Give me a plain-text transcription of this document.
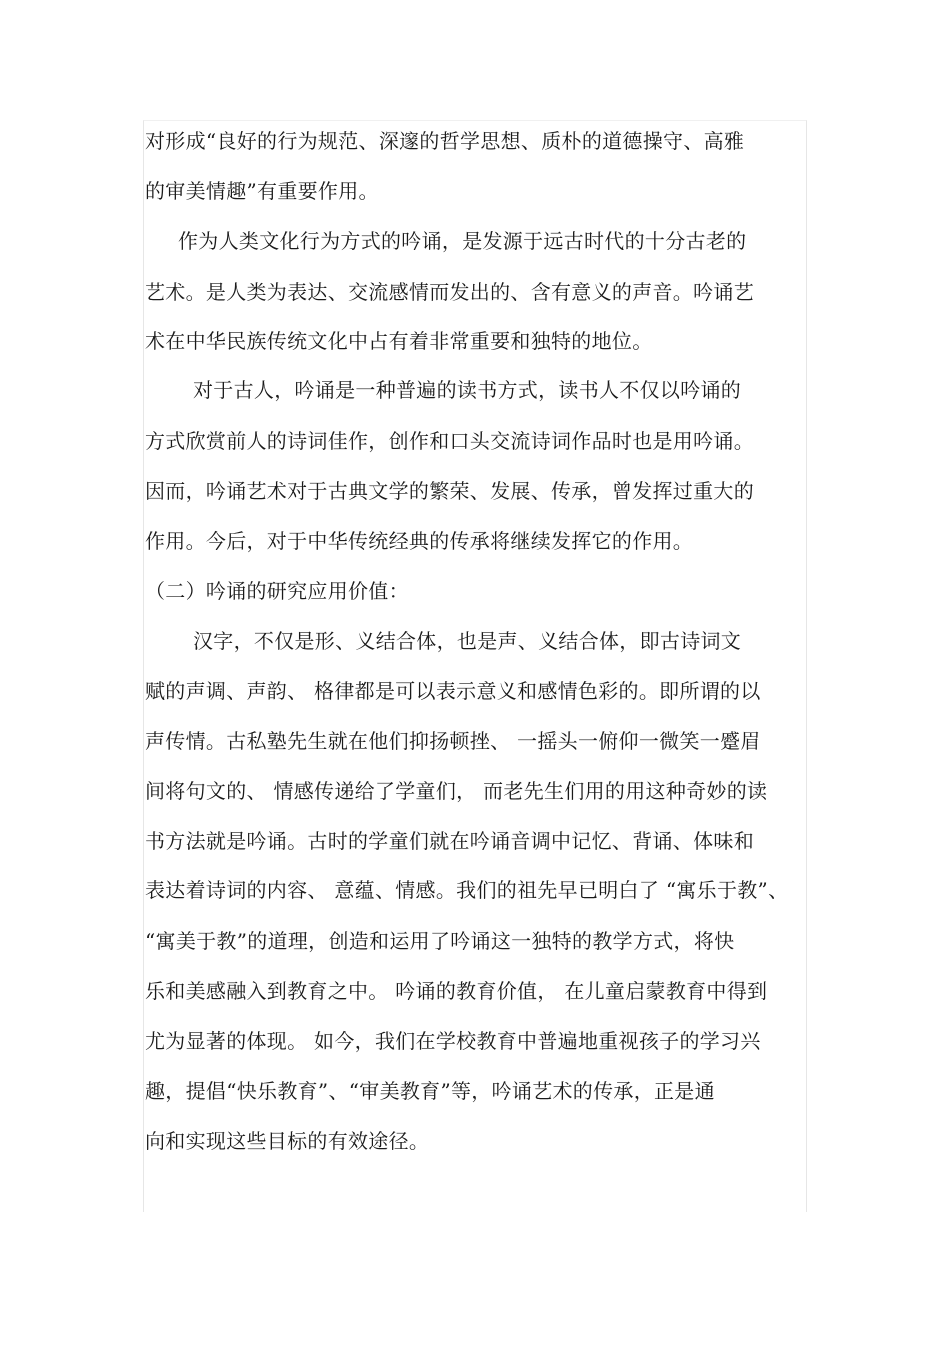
对形成“良好的行为规范、深邃的哲学思想、质朴的道德操守、高雅
的审美情趣”有重要作用。
作为人类文化行为方式的吟诵，是发源于远古时代的十分古老的
艺术。是人类为表达、交流感情而发出的、含有意义的声音。吟诵艺
术在中华民族传统文化中占有着非常重要和独特的地位。
对于古人，吟诵是一种普遍的读书方式，读书人不仅以吟诵的
方式欣赏前人的诗词佳作，创作和口头交流诗词作品时也是用吟诵。
因而，吟诵艺术对于古典文学的繁荣、发展、传承，曾发挥过重大的
作用。今后，对于中华传统经典的传承将继续发挥它的作用。
（二）吟诵的研究应用价值：
汉字，不仅是形、义结合体，也是声、义结合体，即古诗词文
赋的声调、声韵、 格律都是可以表示意义和感情色彩的。即所谓的以
声传情。古私塾先生就在他们抑扬顿挫、 一摇头一俯仰一微笑一蹙眉
间将句文的、 情感传递给了学童们， 而老先生们用的用这种奇妙的读
书方法就是吟诵。古时的学童们就在吟诵音调中记忆、背诵、体味和
表达着诗词的内容、 意蕴、情感。我们的祖先早已明白了 “寓乐于教”、
“寓美于教”的道理，创造和运用了吟诵这一独特的教学方式，将快
乐和美感融入到教育之中。 吟诵的教育价值， 在儿童启蒙教育中得到
尤为显著的体现。 如今，我们在学校教育中普遍地重视孩子的学习兴
趣，提倡“快乐教育”、“审美教育”等，吟诵艺术的传承，正是通
向和实现这些目标的有效途径。
